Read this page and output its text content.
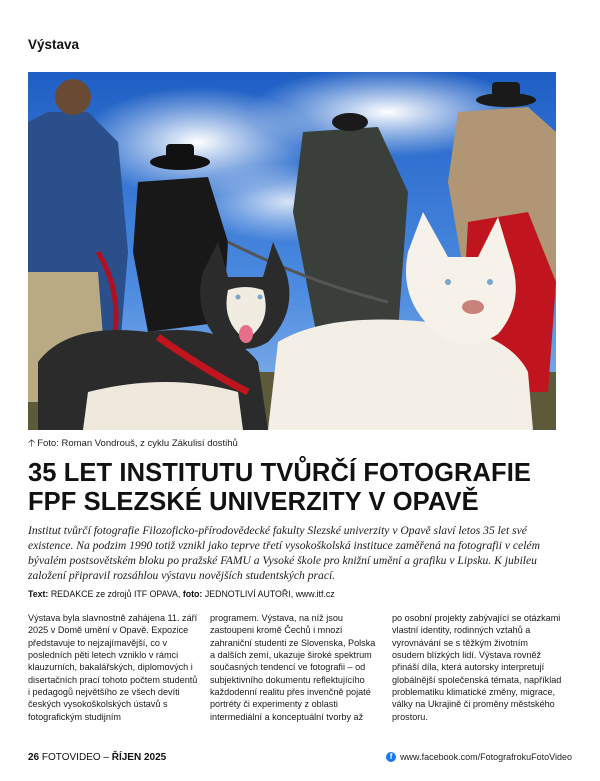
Výstava
🡡 Foto: Roman Vondrouš, z cyklu Zákulisí dostihů
35 LET INSTITUTU TVŮRČÍ FOTOGRAFIE FPF SLEZSKÉ UNIVERZITY V OPAVĚ

Institut tvůrčí fotografie Filozoficko-přírodovědecké fakulty Slezské univerzity v Opavě slaví letos 35 let své existence. Na podzim 1990 totiž vznikl jako teprve třetí vysokoškolská instituce zaměřená na fotografii v celém bývalém postsovětském bloku po pražské FAMU a Vysoké škole pro knižní umění a grafiku v Lipsku. K jubileu založení připravil rozsáhlou výstavu novějších studentských prací.

Text: REDAKCE ze zdrojů ITF OPAVA, foto: JEDNOTLIVÍ AUTOŘI, www.itf.cz

Výstava byla slavnostně zahájena 11. září 2025 v Domě umění v Opavě. Expozice představuje to nejzajímavější, co v posledních pěti letech vzniklo v rámci klauzurních, bakalářských, diplomových i disertačních prací tohoto počtem studentů i pedagogů největšího ze všech devíti českých vysokoškolských ústavů s fotografickým studijním

programem. Výstava, na níž jsou zastoupeni kromě Čechů i mnozí zahraniční studenti ze Slovenska, Polska a dalších zemí, ukazuje široké spektrum současných tendencí ve fotografii – od subjektivního dokumentu reflektujícího každodenní realitu přes invenčně pojaté portréty či experimenty z oblasti intermediální a konceptuální tvorby až

po osobní projekty zabývající se otázkami vlastní identity, rodinných vztahů a vyrovnávání se s těžkým životním osudem blízkých lidí. Výstava rovněž přináší díla, která autorsky interpretují globálnější společenská témata, například problematiku klimatické změny, migrace, války na Ukrajině či proměny městského prostoru.

26 FOTOVIDEO – ŘÍJEN 2025	f www.facebook.com/FotografrokuFotoVideo
